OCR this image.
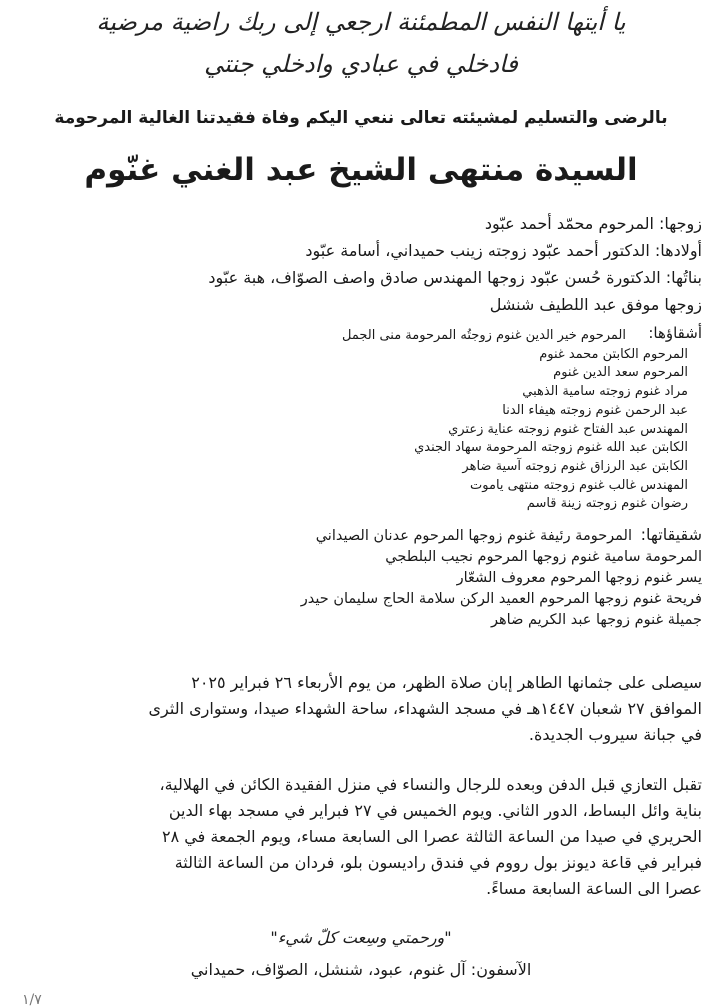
يا أيتها النفس المطمئنة ارجعي إلى ربك راضية مرضية
فادخلي في عبادي وادخلي جنتي
بالرضى والتسليم لمشيئته تعالى ننعي اليكم وفاة فقيدتنا الغالية المرحومة
السيدة منتهى الشيخ عبد الغني غنّوم
زوجها: المرحوم محمّد أحمد عبّود
أولادها: الدكتور أحمد عبّود زوجته زينب حميداني، أسامة عبّود
بناتُها: الدكتورة حُسن عبّود زوجها المهندس صادق واصف الصوّاف، هبة عبّود
زوجها موفق عبد اللطيف شنشل
أشقاؤها:
المرحوم خير الدين غنوم زوجتُه المرحومة منى الجمل
المرحوم الكابتن محمد غنوم
المرحوم سعد الدين غنوم
مراد غنوم زوجته سامية الذهبي
عبد الرحمن غنوم زوجته هيفاء الدنا
المهندس عبد الفتاح غنوم زوجته عناية زعتري
الكابتن عبد الله غنوم زوجته المرحومة سهاد الجندي
الكابتن عبد الرزاق غنوم زوجته آسية ضاهر
المهندس غالب غنوم زوجته منتهى ياموت
رضوان غنوم زوجته زينة قاسم
شقيقاتها:
المرحومة رئيفة غنوم زوجها المرحوم عدنان الصيداني
المرحومة سامية غنوم زوجها المرحوم نجيب البلطجي
يسر غنوم زوجها المرحوم معروف الشعّار
فريحة غنوم زوجها المرحوم العميد الركن سلامة الحاج سليمان حيدر
جميلة غنوم زوجها عبد الكريم ضاهر
سيصلى على جثمانها الطاهر إبان صلاة الظهر، من يوم الأربعاء ٢٦ فبراير ٢٠٢٥
الموافق ٢٧ شعبان ١٤٤٧هـ في مسجد الشهداء، ساحة الشهداء صيدا، وستوارى الثرى
في جبانة سيروب الجديدة.
تقبل التعازي قبل الدفن وبعده للرجال والنساء في منزل الفقيدة الكائن في الهلالية،
بناية وائل البساط، الدور الثاني. ويوم الخميس في ٢٧ فبراير في مسجد بهاء الدين
الحريري في صيدا من الساعة الثالثة عصرا الى السابعة مساء، ويوم الجمعة في ٢٨
فبراير في قاعة ديونز بول رووم في فندق راديسون بلو، فردان من الساعة الثالثة
عصرا الى الساعة السابعة مساءً.
"ورحمتي وسِعت كلّ شيء"
الآسفون: آل غنوم، عبود، شنشل، الصوّاف، حميداني
١/٧
